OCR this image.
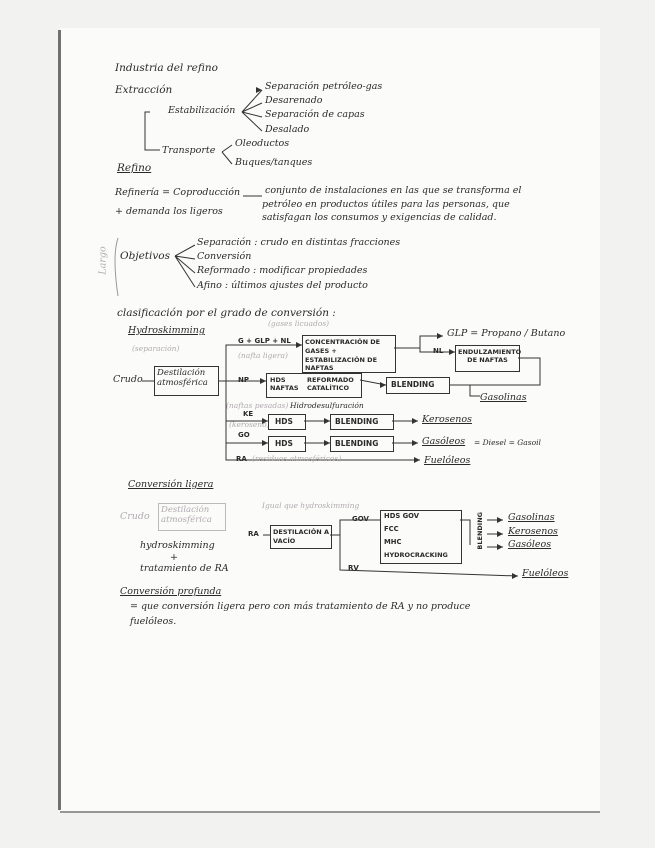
Industria del refino
Extracción
Estabilización
Separación petróleo-gas
Desarenado
Separación de capas
Desalado
Transporte
Oleoductos
Buques/tanques
Refino
Refinería = Coproducción	conjunto de instalaciones en las que se transforma el
petróleo en productos útiles para las personas, que
satisfagan los consumos y exigencias de calidad.
+ demanda los ligeros
Largo Objetivos
Separación : crudo en distintas fracciones
Conversión
Reformado : modificar propiedades
Afino : últimos ajustes del producto
clasificación por el grado de conversión :
Hydroskimming
(separación)
(gases licuados)
Crudo
Destilación atmosférica
G + GLP + NL
(nafta ligera)
NP
CONCENTRACIÓN DE GASES + ESTABILIZACIÓN DE NAFTAS
GLP = Propano / Butano
NL	ENDULZAMIENTO DE NAFTAS
HDS NAFTAS
REFORMADO CATALÍTICO	BLENDING
Gasolinas
Hidrodesulfuración
(naftas pesadas)
KE
(keroseno) HDS	BLENDING	Kerosenos
GO
HDS	BLENDING	Gasóleos = Diesel = Gasoil
RA (residuos atmosféricos)	Fuelóleos
Conversión ligera
Crudo
Destilación atmosférica
Igual que hydroskimming
RA	DESTILACIÓN A VACÍO
GOV
RV
HDS GOV
FCC
MHC
HYDROCRACKING
BLENDING	Gasolinas
Kerosenos
Gasóleos
Fuelóleos
hydroskimming
+
tratamiento de RA
Conversión profunda
= que conversión ligera pero con más tratamiento de RA y no produce
fuelóleos.
